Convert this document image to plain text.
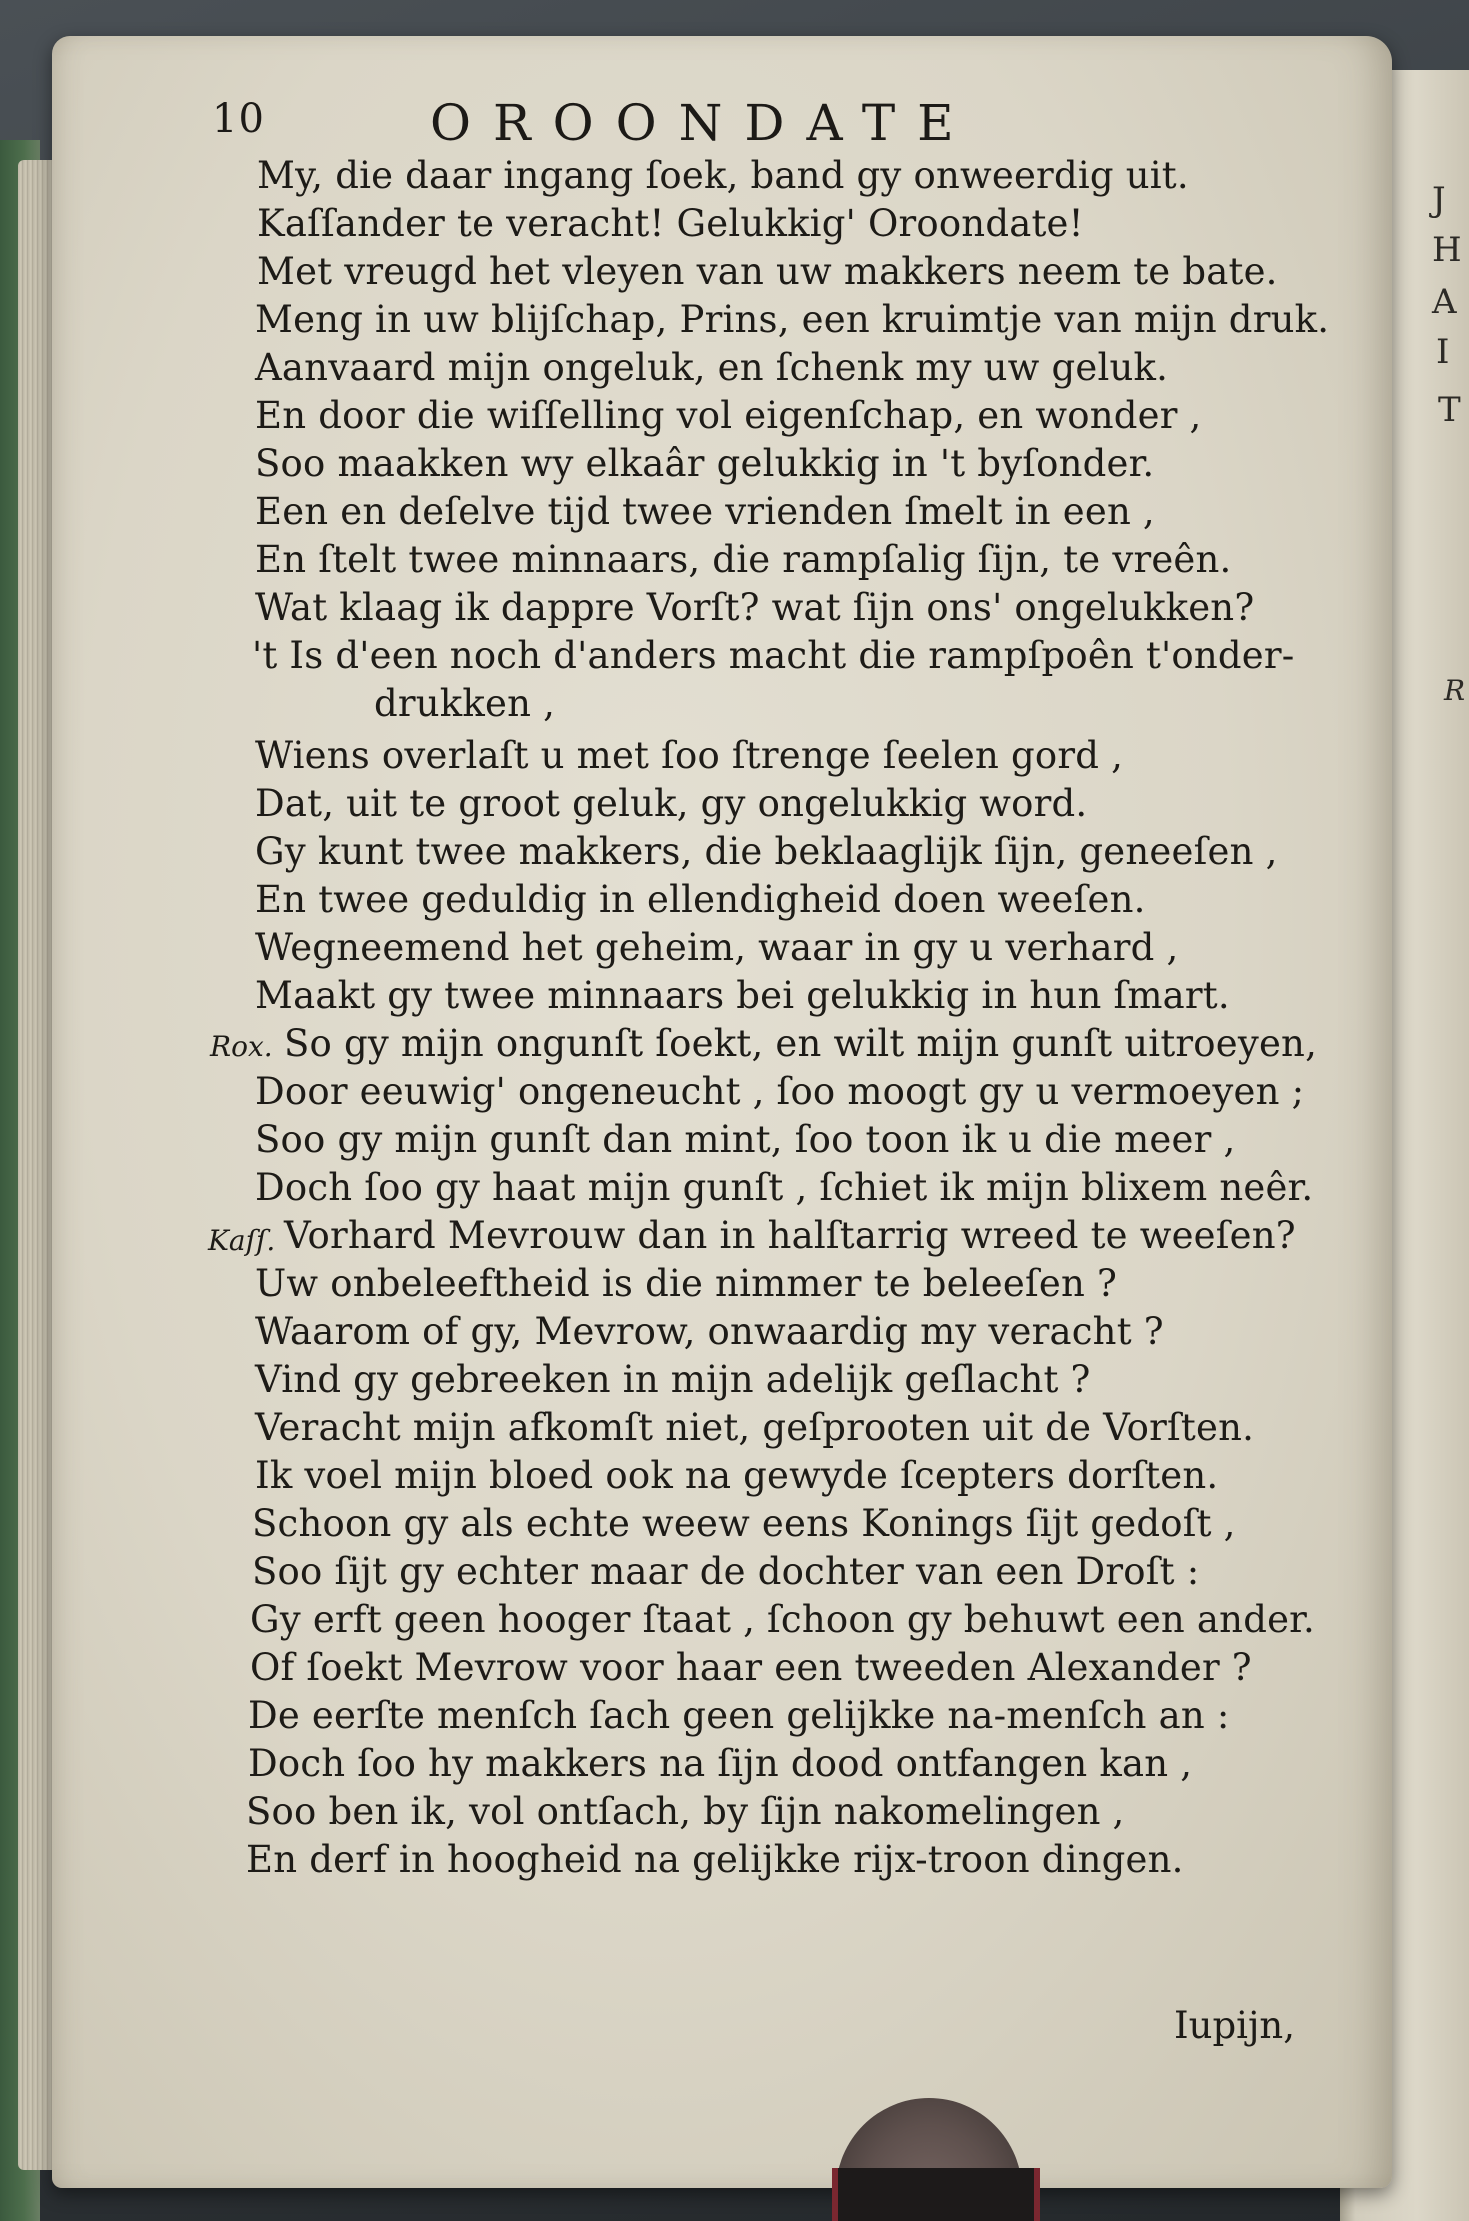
J
H
A
I
T
R
10	OROONDATE
My, die daar ingang ſoek, band gy onweerdig uit.
Kaſſander te veracht! Gelukkig' Oroondate!
Met vreugd het vleyen van uw makkers neem te bate.
Meng in uw blijſchap, Prins, een kruimtje van mijn druk.
Aanvaard mijn ongeluk, en ſchenk my uw geluk.
En door die wiſſelling vol eigenſchap, en wonder ,
Soo maakken wy elkaâr gelukkig in 't byſonder.
Een en deſelve tijd twee vrienden ſmelt in een ,
En ſtelt twee minnaars, die rampſalig ſijn, te vreên.
Wat klaag ik dappre Vorſt? wat ſijn ons' ongelukken?
't Is d'een noch d'anders macht die rampſpoên t'onder-
drukken ,
Wiens overlaſt u met ſoo ſtrenge ſeelen gord ,
Dat, uit te groot geluk, gy ongelukkig word.
Gy kunt twee makkers, die beklaaglijk ſijn, geneeſen ,
En twee geduldig in ellendigheid doen weeſen.
Wegneemend het geheim, waar in gy u verhard ,
Maakt gy twee minnaars bei gelukkig in hun ſmart.
Rox. So gy mijn ongunſt ſoekt, en wilt mijn gunſt uitroeyen,
Door eeuwig' ongeneucht , ſoo moogt gy u vermoeyen ;
Soo gy mijn gunſt dan mint, ſoo toon ik u die meer ,
Doch ſoo gy haat mijn gunſt , ſchiet ik mijn blixem neêr.
Kaſſ. Vorhard Mevrouw dan in halſtarrig wreed te weeſen?
Uw onbeleeftheid is die nimmer te beleeſen ?
Waarom of gy, Mevrow, onwaardig my veracht ?
Vind gy gebreeken in mijn adelijk geſlacht ?
Veracht mijn afkomſt niet, geſprooten uit de Vorſten.
Ik voel mijn bloed ook na gewyde ſcepters dorſten.
Schoon gy als echte weew eens Konings ſijt gedoſt ,
Soo ſijt gy echter maar de dochter van een Droſt :
Gy erft geen hooger ſtaat , ſchoon gy behuwt een ander.
Of ſoekt Mevrow voor haar een tweeden Alexander ?
De eerſte menſch ſach geen gelijkke na-menſch an :
Doch ſoo hy makkers na ſijn dood ontfangen kan ,
Soo ben ik, vol ontſach, by ſijn nakomelingen ,
En derf in hoogheid na gelijkke rijx-troon dingen.
Iupijn,
